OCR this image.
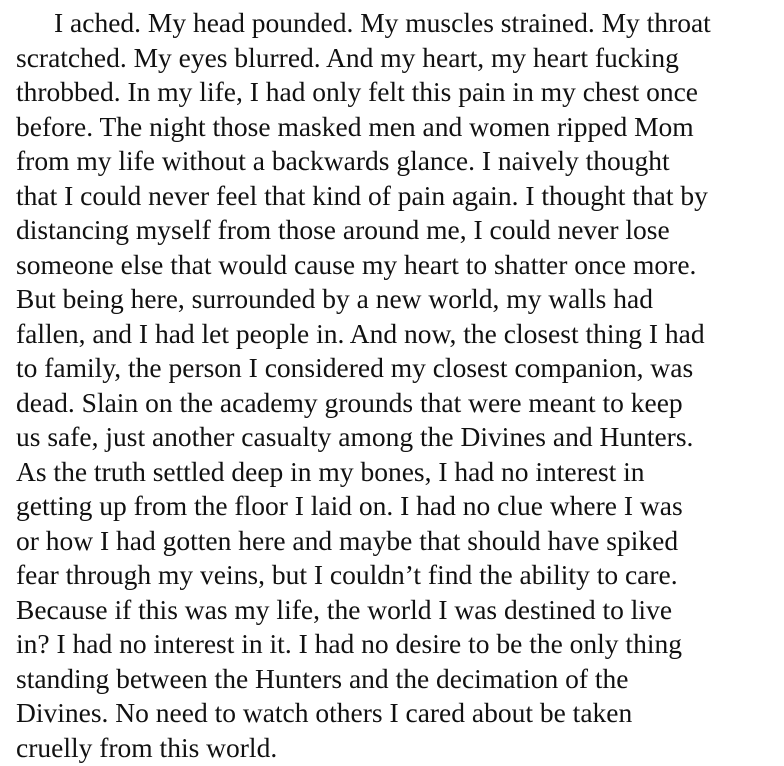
I ached. My head pounded. My muscles strained. My throat
scratched. My eyes blurred. And my heart, my heart fucking
throbbed. In my life, I had only felt this pain in my chest once
before. The night those masked men and women ripped Mom
from my life without a backwards glance. I naively thought
that I could never feel that kind of pain again. I thought that by
distancing myself from those around me, I could never lose
someone else that would cause my heart to shatter once more.
But being here, surrounded by a new world, my walls had
fallen, and I had let people in. And now, the closest thing I had
to family, the person I considered my closest companion, was
dead. Slain on the academy grounds that were meant to keep
us safe, just another casualty among the Divines and Hunters.
As the truth settled deep in my bones, I had no interest in
getting up from the floor I laid on. I had no clue where I was
or how I had gotten here and maybe that should have spiked
fear through my veins, but I couldn’t find the ability to care.
Because if this was my life, the world I was destined to live
in? I had no interest in it. I had no desire to be the only thing
standing between the Hunters and the decimation of the
Divines. No need to watch others I cared about be taken
cruelly from this world.
